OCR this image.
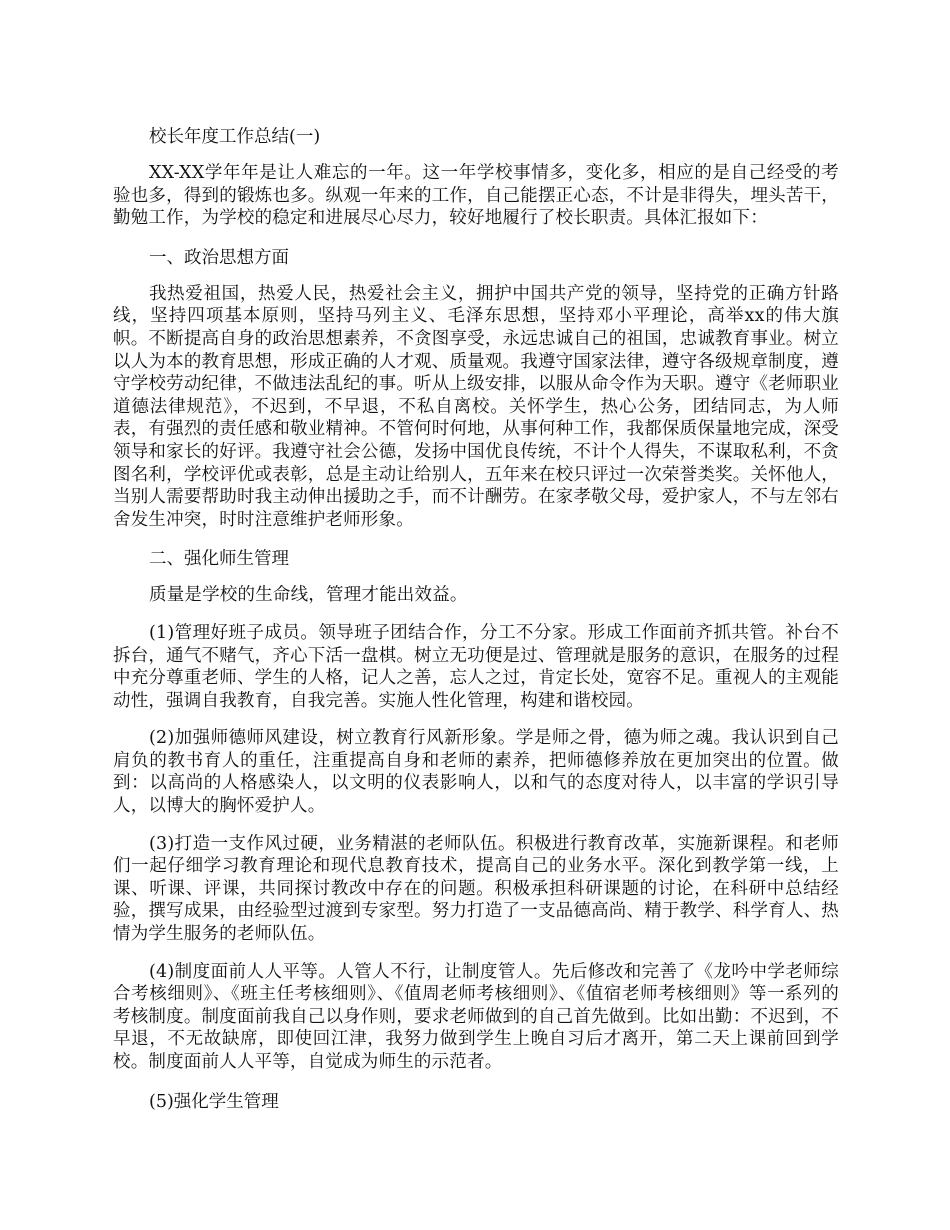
校长年度工作总结(一)

XX-XX学年年是让人难忘的一年。这一年学校事情多，变化多，相应的是自己经受的考验也多，得到的锻炼也多。纵观一年来的工作，自己能摆正心态，不计是非得失，埋头苦干，勤勉工作，为学校的稳定和进展尽心尽力，较好地履行了校长职责。具体汇报如下：

一、政治思想方面

我热爱祖国，热爱人民，热爱社会主义，拥护中国共产党的领导，坚持党的正确方针路线，坚持四项基本原则，坚持马列主义、毛泽东思想，坚持邓小平理论，高举xx的伟大旗帜。不断提高自身的政治思想素养，不贪图享受，永远忠诚自己的祖国，忠诚教育事业。树立以人为本的教育思想，形成正确的人才观、质量观。我遵守国家法律，遵守各级规章制度，遵守学校劳动纪律，不做违法乱纪的事。听从上级安排，以服从命令作为天职。遵守《老师职业道德法律规范》，不迟到，不早退，不私自离校。关怀学生，热心公务，团结同志，为人师表，有强烈的责任感和敬业精神。不管何时何地，从事何种工作，我都保质保量地完成，深受领导和家长的好评。我遵守社会公德，发扬中国优良传统，不计个人得失，不谋取私利，不贪图名利，学校评优或表彰，总是主动让给别人，五年来在校只评过一次荣誉类奖。关怀他人，当别人需要帮助时我主动伸出援助之手，而不计酬劳。在家孝敬父母，爱护家人，不与左邻右舍发生冲突，时时注意维护老师形象。

二、强化师生管理

质量是学校的生命线，管理才能出效益。

(1)管理好班子成员。领导班子团结合作，分工不分家。形成工作面前齐抓共管。补台不拆台，通气不赌气，齐心下活一盘棋。树立无功便是过、管理就是服务的意识，在服务的过程中充分尊重老师、学生的人格，记人之善，忘人之过，肯定长处，宽容不足。重视人的主观能动性，强调自我教育，自我完善。实施人性化管理，构建和谐校园。

(2)加强师德师风建设，树立教育行风新形象。学是师之骨，德为师之魂。我认识到自己肩负的教书育人的重任，注重提高自身和老师的素养，把师德修养放在更加突出的位置。做到：以高尚的人格感染人，以文明的仪表影响人，以和气的态度对待人，以丰富的学识引导人，以博大的胸怀爱护人。

(3)打造一支作风过硬，业务精湛的老师队伍。积极进行教育改革，实施新课程。和老师们一起仔细学习教育理论和现代息教育技术，提高自己的业务水平。深化到教学第一线，上课、听课、评课，共同探讨教改中存在的问题。积极承担科研课题的讨论，在科研中总结经验，撰写成果，由经验型过渡到专家型。努力打造了一支品德高尚、精于教学、科学育人、热情为学生服务的老师队伍。

(4)制度面前人人平等。人管人不行，让制度管人。先后修改和完善了《龙吟中学老师综合考核细则》、《班主任考核细则》、《值周老师考核细则》、《值宿老师考核细则》等一系列的考核制度。制度面前我自己以身作则，要求老师做到的自己首先做到。比如出勤：不迟到，不早退，不无故缺席，即使回江津，我努力做到学生上晚自习后才离开，第二天上课前回到学校。制度面前人人平等，自觉成为师生的示范者。

(5)强化学生管理
